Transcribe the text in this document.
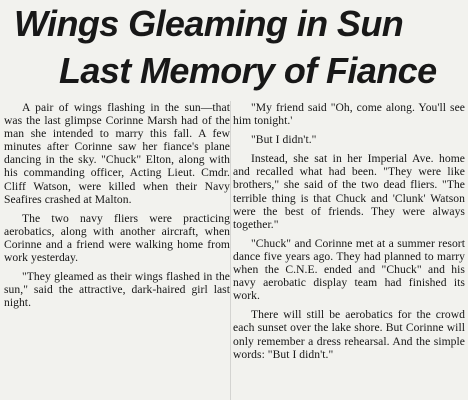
Wings Gleaming in Sun
Last Memory of Fiance

A pair of wings flashing in the sun—that was the last glimpse Corinne Marsh had of the man she intended to marry this fall. A few minutes after Corinne saw her fiance's plane dancing in the sky. "Chuck" Elton, along with his commanding officer, Acting Lieut. Cmdr. Cliff Watson, were killed when their Navy Seafires crashed at Malton.

The two navy fliers were practicing aerobatics, along with another aircraft, when Corinne and a friend were walking home from work yesterday.

"They gleamed as their wings flashed in the sun," said the attractive, dark-haired girl last night.

"My friend said "Oh, come along. You'll see him tonight.'

"But I didn't."

Instead, she sat in her Imperial Ave. home and recalled what had been. "They were like brothers," she said of the two dead fliers. "The terrible thing is that Chuck and 'Clunk' Watson were the best of friends. They were always together."

"Chuck" and Corinne met at a summer resort dance five years ago. They had planned to marry when the C.N.E. ended and "Chuck" and his navy aerobatic display team had finished its work.

There will still be aerobatics for the crowd each sunset over the lake shore. But Corinne will only remember a dress rehearsal. And the simple words: "But I didn't."
